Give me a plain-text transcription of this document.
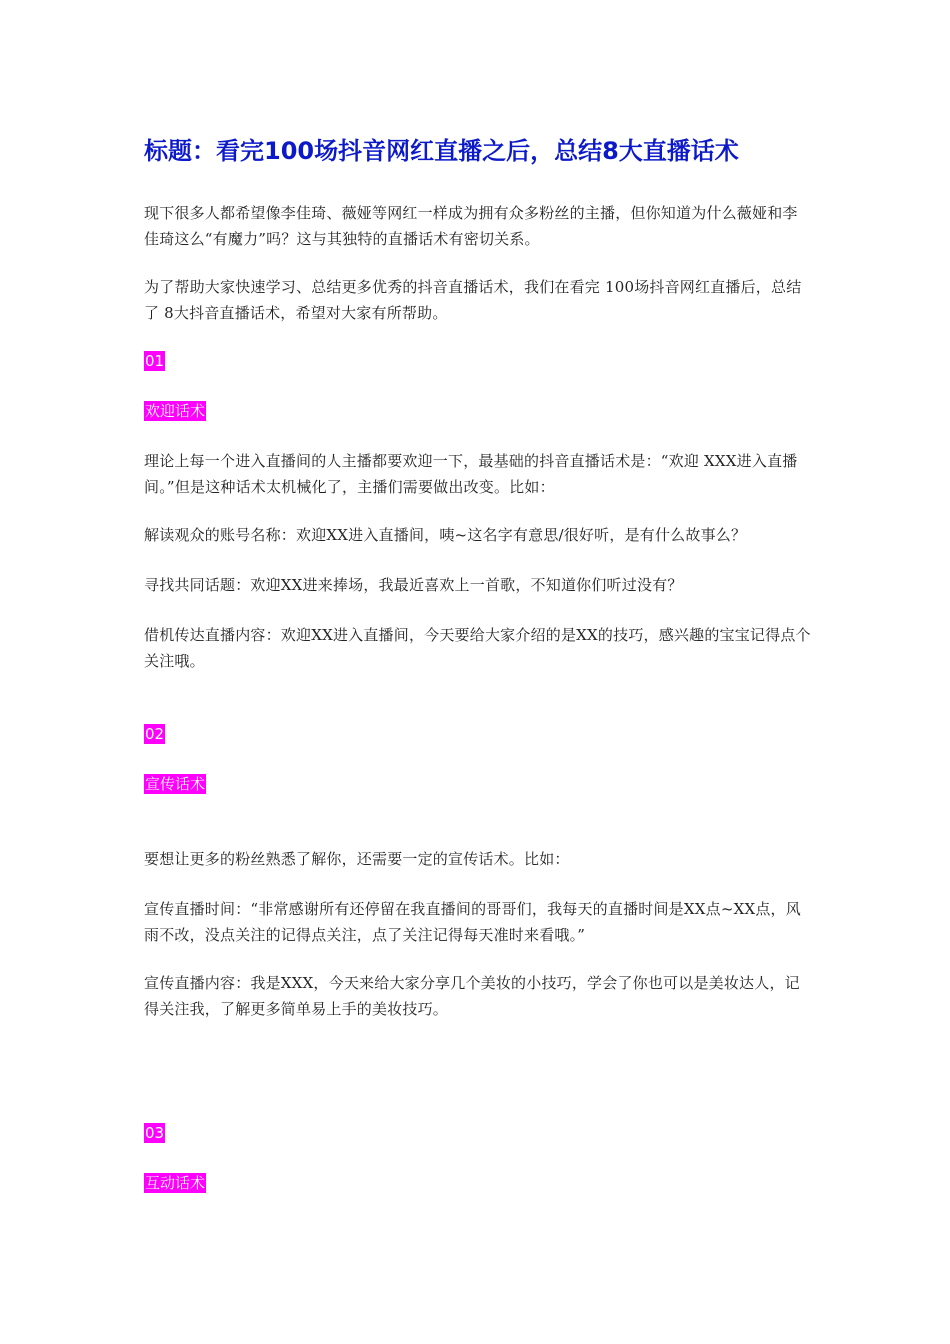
标题：看完100场抖音网红直播之后，总结8大直播话术

现下很多人都希望像李佳琦、薇娅等网红一样成为拥有众多粉丝的主播，但你知道为什么薇娅和李佳琦这么“有魔力”吗？这与其独特的直播话术有密切关系。

为了帮助大家快速学习、总结更多优秀的抖音直播话术，我们在看完 100场抖音网红直播后，总结了 8大抖音直播话术，希望对大家有所帮助。

01
欢迎话术

理论上每一个进入直播间的人主播都要欢迎一下，最基础的抖音直播话术是：“欢迎 XXX进入直播间。”但是这种话术太机械化了，主播们需要做出改变。比如：

解读观众的账号名称：欢迎XX进入直播间，咦~这名字有意思/很好听，是有什么故事么？

寻找共同话题：欢迎XX进来捧场，我最近喜欢上一首歌，不知道你们听过没有？

借机传达直播内容：欢迎XX进入直播间，今天要给大家介绍的是XX的技巧，感兴趣的宝宝记得点个关注哦。

02
宣传话术

要想让更多的粉丝熟悉了解你，还需要一定的宣传话术。比如：

宣传直播时间：“非常感谢所有还停留在我直播间的哥哥们，我每天的直播时间是XX点~XX点，风雨不改，没点关注的记得点关注，点了关注记得每天准时来看哦。”

宣传直播内容：我是XXX，今天来给大家分享几个美妆的小技巧，学会了你也可以是美妆达人，记得关注我，了解更多简单易上手的美妆技巧。

03
互动话术
